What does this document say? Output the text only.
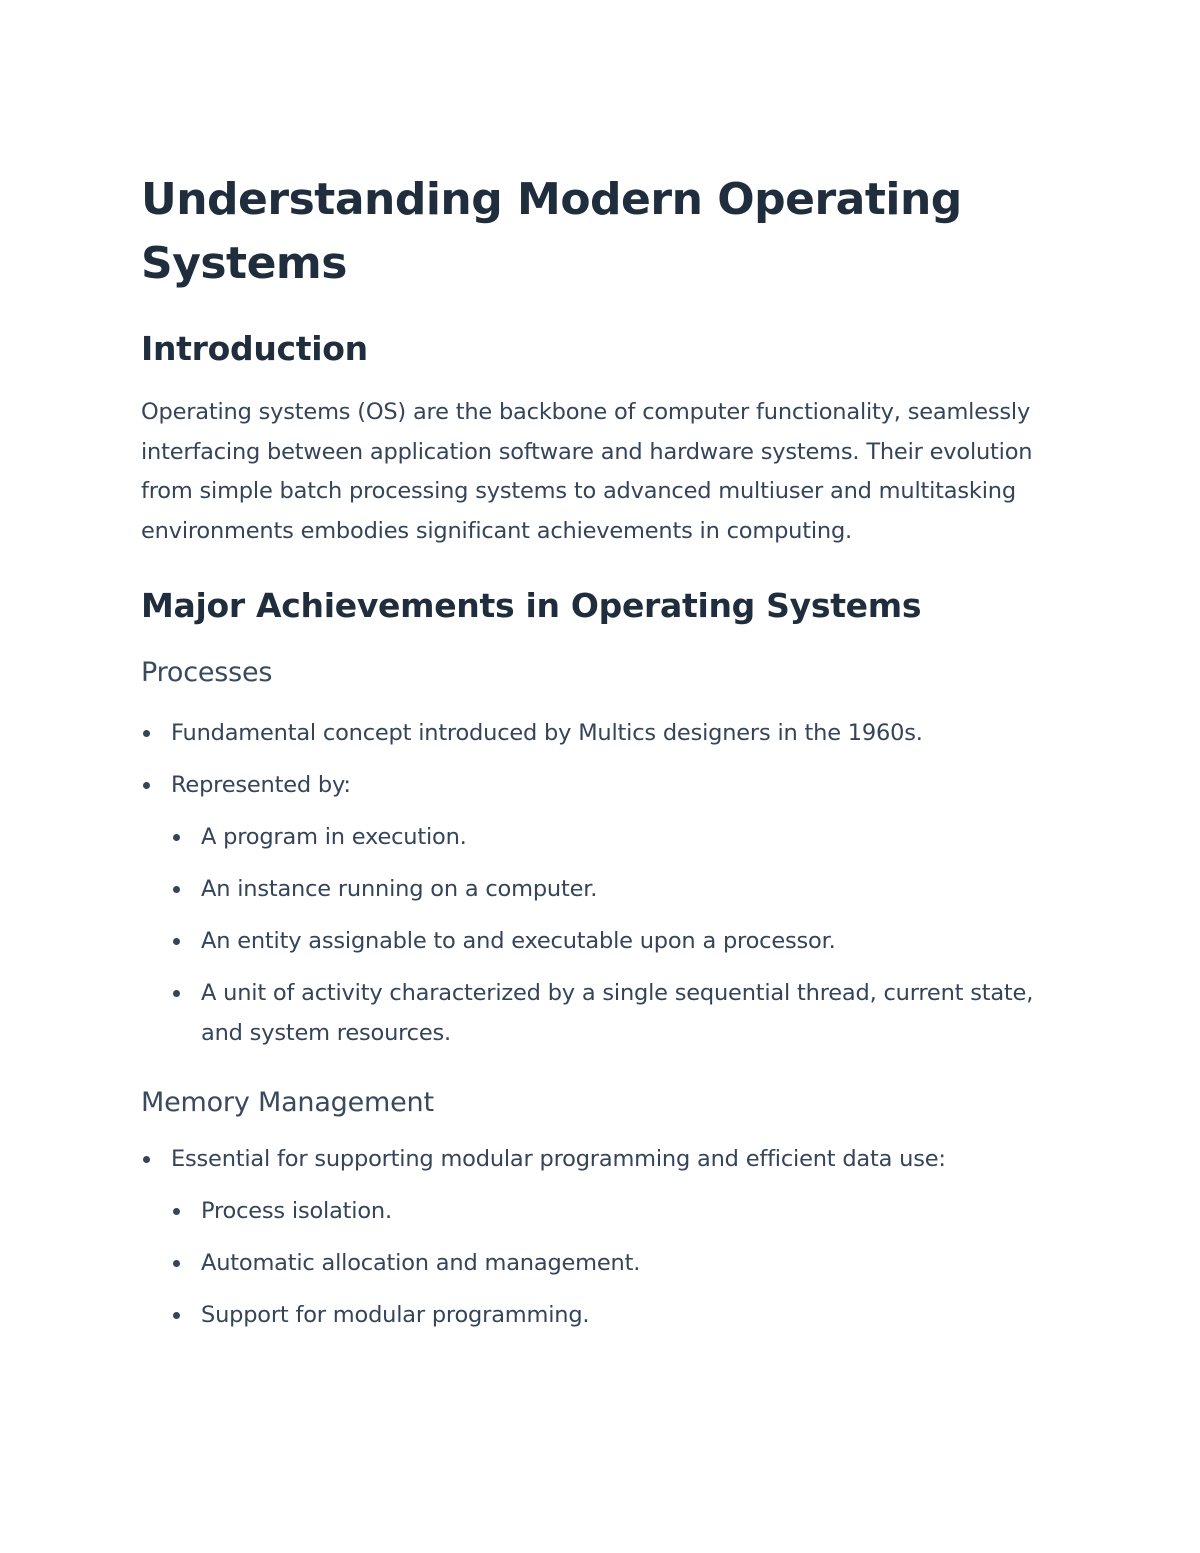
Understanding Modern Operating Systems
Introduction

Operating systems (OS) are the backbone of computer functionality, seamlessly interfacing between application software and hardware systems. Their evolution from simple batch processing systems to advanced multiuser and multitasking environments embodies significant achievements in computing.

Major Achievements in Operating Systems
Processes
Fundamental concept introduced by Multics designers in the 1960s.
Represented by:
A program in execution.
An instance running on a computer.
An entity assignable to and executable upon a processor.
A unit of activity characterized by a single sequential thread, current state, and system resources.
Memory Management
Essential for supporting modular programming and efficient data use:
Process isolation.
Automatic allocation and management.
Support for modular programming.
